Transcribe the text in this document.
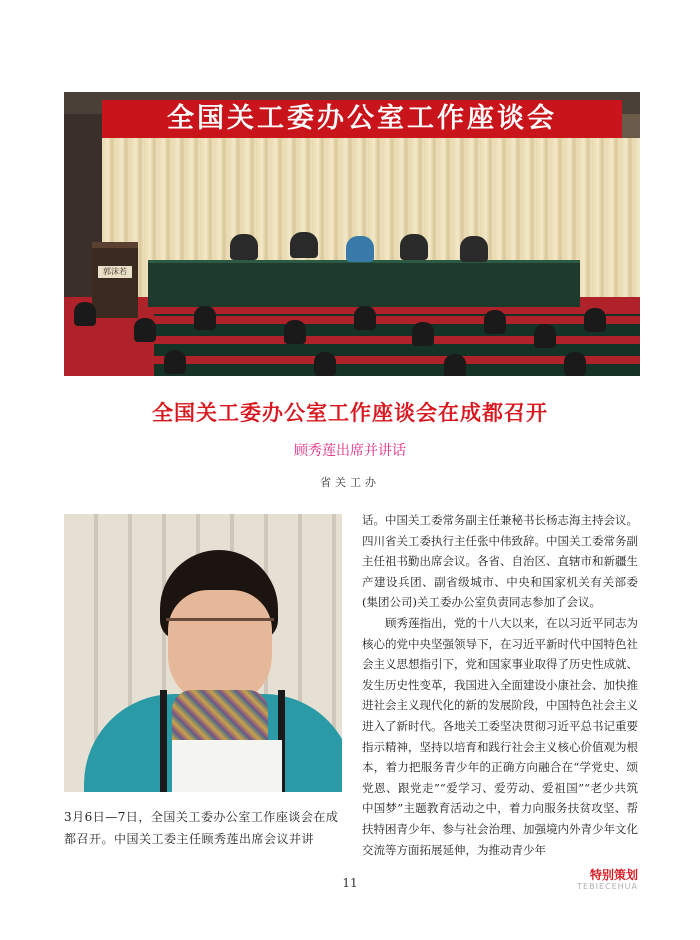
全国关工委办公室工作座谈会
郭沫若
全国关工委办公室工作座谈会在成都召开
顾秀莲出席并讲话
省关工办
3月6日—7日，全国关工委办公室工作座谈会在成都召开。中国关工委主任顾秀莲出席会议并讲

话。中国关工委常务副主任兼秘书长杨志海主持会议。四川省关工委执行主任张中伟致辞。中国关工委常务副主任祖书勤出席会议。各省、自治区、直辖市和新疆生产建设兵团、副省级城市、中央和国家机关有关部委(集团公司)关工委办公室负责同志参加了会议。

顾秀莲指出，党的十八大以来，在以习近平同志为核心的党中央坚强领导下，在习近平新时代中国特色社会主义思想指引下，党和国家事业取得了历史性成就、发生历史性变革，我国进入全面建设小康社会、加快推进社会主义现代化的新的发展阶段，中国特色社会主义进入了新时代。各地关工委坚决贯彻习近平总书记重要指示精神，坚持以培育和践行社会主义核心价值观为根本，着力把服务青少年的正确方向融合在“学党史、颂党恩、跟党走”“爱学习、爱劳动、爱祖国”“老少共筑中国梦”主题教育活动之中，着力向服务扶贫攻坚、帮扶特困青少年、参与社会治理、加强境内外青少年文化交流等方面拓展延伸，为推动青少年

11
特别策划
TEBIECEHUA
